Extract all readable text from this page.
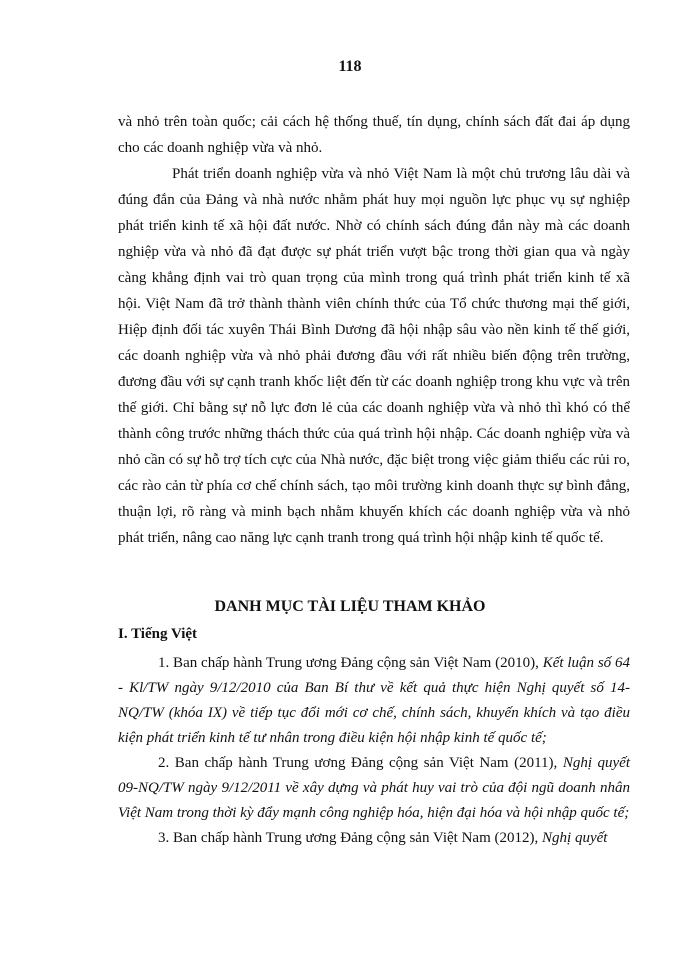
118

và nhỏ trên toàn quốc; cải cách hệ thống thuế, tín dụng, chính sách đất đai áp dụng cho các doanh nghiệp vừa và nhỏ.

Phát triển doanh nghiệp vừa và nhỏ Việt Nam là một chủ trương lâu dài và đúng đắn của Đảng và nhà nước nhằm phát huy mọi nguồn lực phục vụ sự nghiệp phát triển kinh tế xã hội đất nước. Nhờ có chính sách đúng đắn này mà các doanh nghiệp vừa và nhỏ đã đạt được sự phát triển vượt bậc trong thời gian qua và ngày càng khẳng định vai trò quan trọng của mình trong quá trình phát triển kinh tế xã hội. Việt Nam đã trở thành thành viên chính thức của Tổ chức thương mại thế giới, Hiệp định đối tác xuyên Thái Bình Dương đã hội nhập sâu vào nền kinh tế thế giới, các doanh nghiệp vừa và nhỏ phải đương đầu với rất nhiều biến động trên trường, đương đầu với sự cạnh tranh khốc liệt đến từ các doanh nghiệp trong khu vực và trên thế giới. Chỉ bằng sự nỗ lực đơn lẻ của các doanh nghiệp vừa và nhỏ thì khó có thể thành công trước những thách thức của quá trình hội nhập. Các doanh nghiệp vừa và nhỏ cần có sự hỗ trợ tích cực của Nhà nước, đặc biệt trong việc giảm thiểu các rủi ro, các rào cản từ phía cơ chế chính sách, tạo môi trường kinh doanh thực sự bình đẳng, thuận lợi, rõ ràng và minh bạch nhằm khuyến khích các doanh nghiệp vừa và nhỏ phát triển, nâng cao năng lực cạnh tranh trong quá trình hội nhập kinh tế quốc tế.

DANH MỤC TÀI LIỆU THAM KHẢO
I. Tiếng Việt

1. Ban chấp hành Trung ương Đảng cộng sản Việt Nam (2010), Kết luận số 64 - Kl/TW ngày 9/12/2010 của Ban Bí thư về kết quả thực hiện Nghị quyết số 14-NQ/TW (khóa IX) về tiếp tục đổi mới cơ chế, chính sách, khuyến khích và tạo điều kiện phát triển kinh tế tư nhân trong điều kiện hội nhập kinh tế quốc tế;

2. Ban chấp hành Trung ương Đảng cộng sản Việt Nam (2011), Nghị quyết 09-NQ/TW ngày 9/12/2011 về xây dựng và phát huy vai trò của đội ngũ doanh nhân Việt Nam trong thời kỳ đẩy mạnh công nghiệp hóa, hiện đại hóa và hội nhập quốc tế;

3. Ban chấp hành Trung ương Đảng cộng sản Việt Nam (2012), Nghị quyết
